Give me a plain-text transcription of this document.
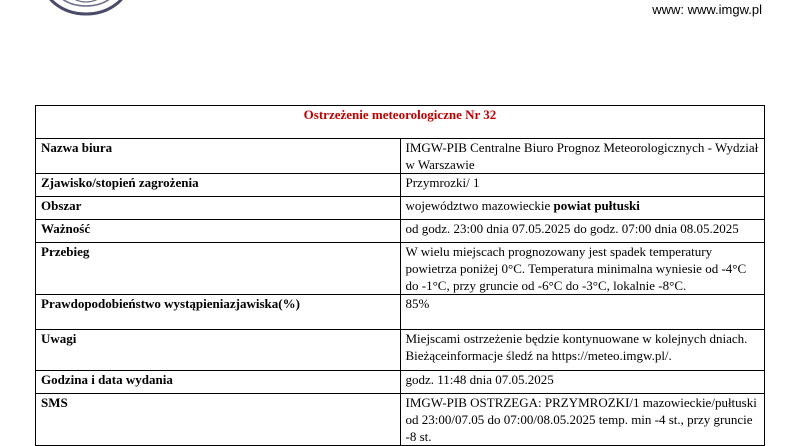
www: www.imgw.pl
Ostrzeżenie meteorologiczne Nr 32	
Nazwa biura	IMGW-PIB Centralne Biuro Prognoz Meteorologicznych - Wydział w Warszawie
Zjawisko/stopień zagrożenia	Przymrozki/ 1
Obszar	województwo mazowieckie powiat pułtuski
Ważność	od godz. 23:00 dnia 07.05.2025 do godz. 07:00 dnia 08.05.2025
Przebieg	W wielu miejscach prognozowany jest spadek temperatury powietrza poniżej 0°C. Temperatura minimalna wyniesie od -4°C do -1°C, przy gruncie od -6°C do -3°C, lokalnie -8°C.
Prawdopodobieństwo wystąpieniazjawiska(%)	85%
Uwagi	Miejscami ostrzeżenie będzie kontynuowane w kolejnych dniach. Bieżąceinformacje śledź na https://meteo.imgw.pl/.
Godzina i data wydania	godz. 11:48 dnia 07.05.2025
SMS	IMGW-PIB OSTRZEGA: PRZYMROZKI/1 mazowieckie/pułtuski od 23:00/07.05 do 07:00/08.05.2025 temp. min -4 st., przy gruncie -8 st.
